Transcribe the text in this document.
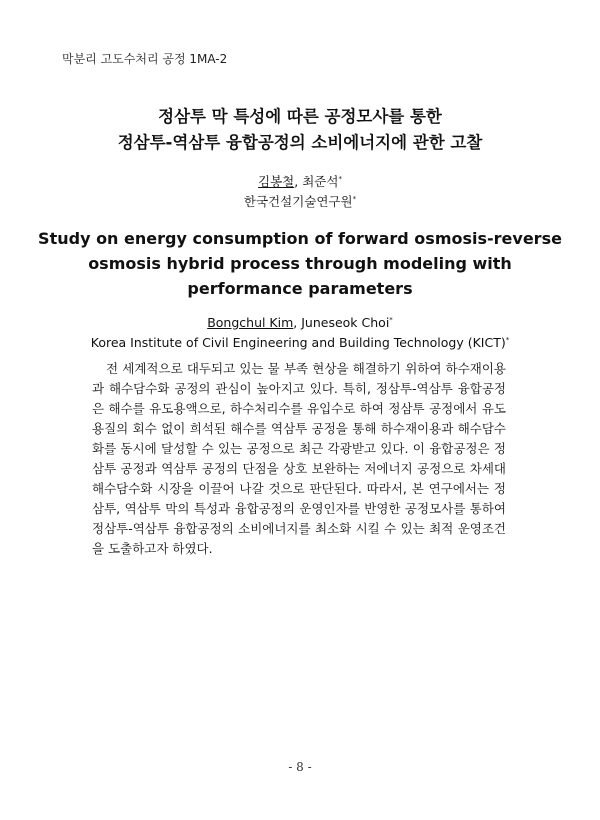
막분리 고도수처리 공정 1MA-2
정삼투 막 특성에 따른 공정모사를 통한
정삼투-역삼투 융합공정의 소비에너지에 관한 고찰
김봉철, 최준석*
한국건설기술연구원*
Study on energy consumption of forward osmosis-reverse
osmosis hybrid process through modeling with
performance parameters
Bongchul Kim, Juneseok Choi*
Korea Institute of Civil Engineering and Building Technology (KICT)*

전 세계적으로 대두되고 있는 물 부족 현상을 해결하기 위하여 하수재이용과 해수담수화 공정의 관심이 높아지고 있다. 특히, 정삼투-역삼투 융합공정은 해수를 유도용액으로, 하수처리수를 유입수로 하여 정삼투 공정에서 유도용질의 회수 없이 희석된 해수를 역삼투 공정을 통해 하수재이용과 해수담수화를 동시에 달성할 수 있는 공정으로 최근 각광받고 있다. 이 융합공정은 정삼투 공정과 역삼투 공정의 단점을 상호 보완하는 저에너지 공정으로 차세대 해수담수화 시장을 이끌어 나갈 것으로 판단된다. 따라서, 본 연구에서는 정삼투, 역삼투 막의 특성과 융합공정의 운영인자를 반영한 공정모사를 통하여 정삼투-역삼투 융합공정의 소비에너지를 최소화 시킬 수 있는 최적 운영조건을 도출하고자 하였다.

- 8 -
